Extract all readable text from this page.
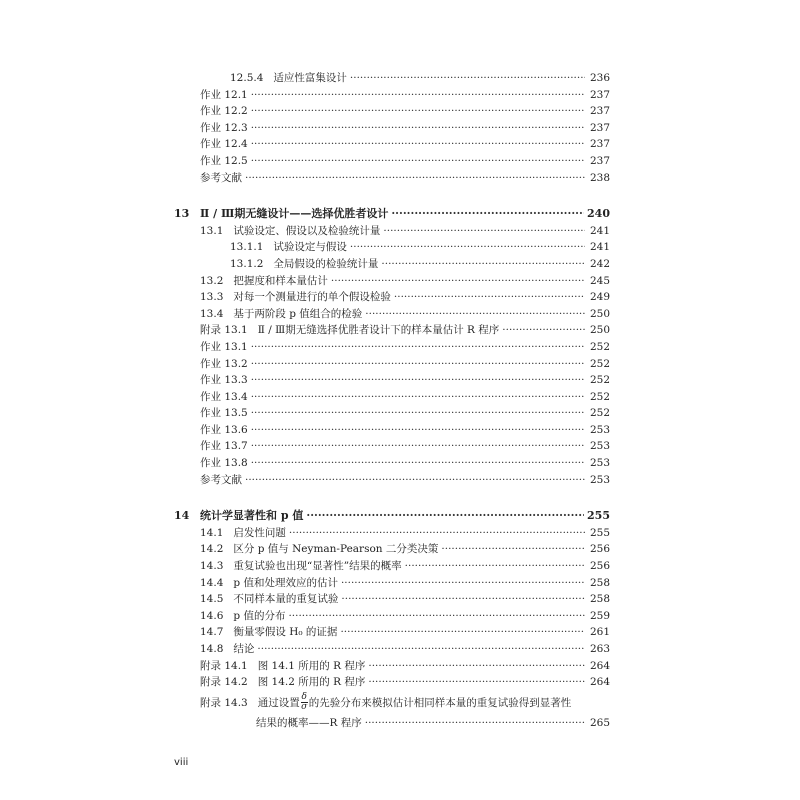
12.5.4 适应性富集设计 ·····	236
作业 12.1 ·····	237
作业 12.2 ·····	237
作业 12.3 ·····	237
作业 12.4 ·····	237
作业 12.5 ·····	237
参考文献 ·····	238
13 Ⅱ / Ⅲ期无缝设计——选择优胜者设计 ·····	240
13.1 试验设定、假设以及检验统计量 ·····	241
13.1.1 试验设定与假设 ·····	241
13.1.2 全局假设的检验统计量 ·····	242
13.2 把握度和样本量估计 ·····	245
13.3 对每一个测量进行的单个假设检验 ·····	249
13.4 基于两阶段 p 值组合的检验 ·····	250
附录 13.1 Ⅱ / Ⅲ期无缝选择优胜者设计下的样本量估计 R 程序 ·····	250
作业 13.1 ·····	252
作业 13.2 ·····	252
作业 13.3 ·····	252
作业 13.4 ·····	252
作业 13.5 ·····	252
作业 13.6 ·····	253
作业 13.7 ·····	253
作业 13.8 ·····	253
参考文献 ·····	253
14 统计学显著性和 p 值 ·····	255
14.1 启发性问题 ·····	255
14.2 区分 p 值与 Neyman-Pearson 二分类决策 ·····	256
14.3 重复试验也出现“显著性”结果的概率 ·····	256
14.4 p 值和处理效应的估计 ·····	258
14.5 不同样本量的重复试验 ·····	258
14.6 p 值的分布 ·····	259
14.7 衡量零假设 H₀ 的证据 ·····	261
14.8 结论 ·····	263
附录 14.1 图 14.1 所用的 R 程序 ·····	264
附录 14.2 图 14.2 所用的 R 程序 ·····	264
附录 14.3 通过设置 $\frac{\delta}{\sigma}$ 的先验分布来模拟估计相同样本量的重复试验得到显著性
结果的概率——R 程序 ·····	265
viii
